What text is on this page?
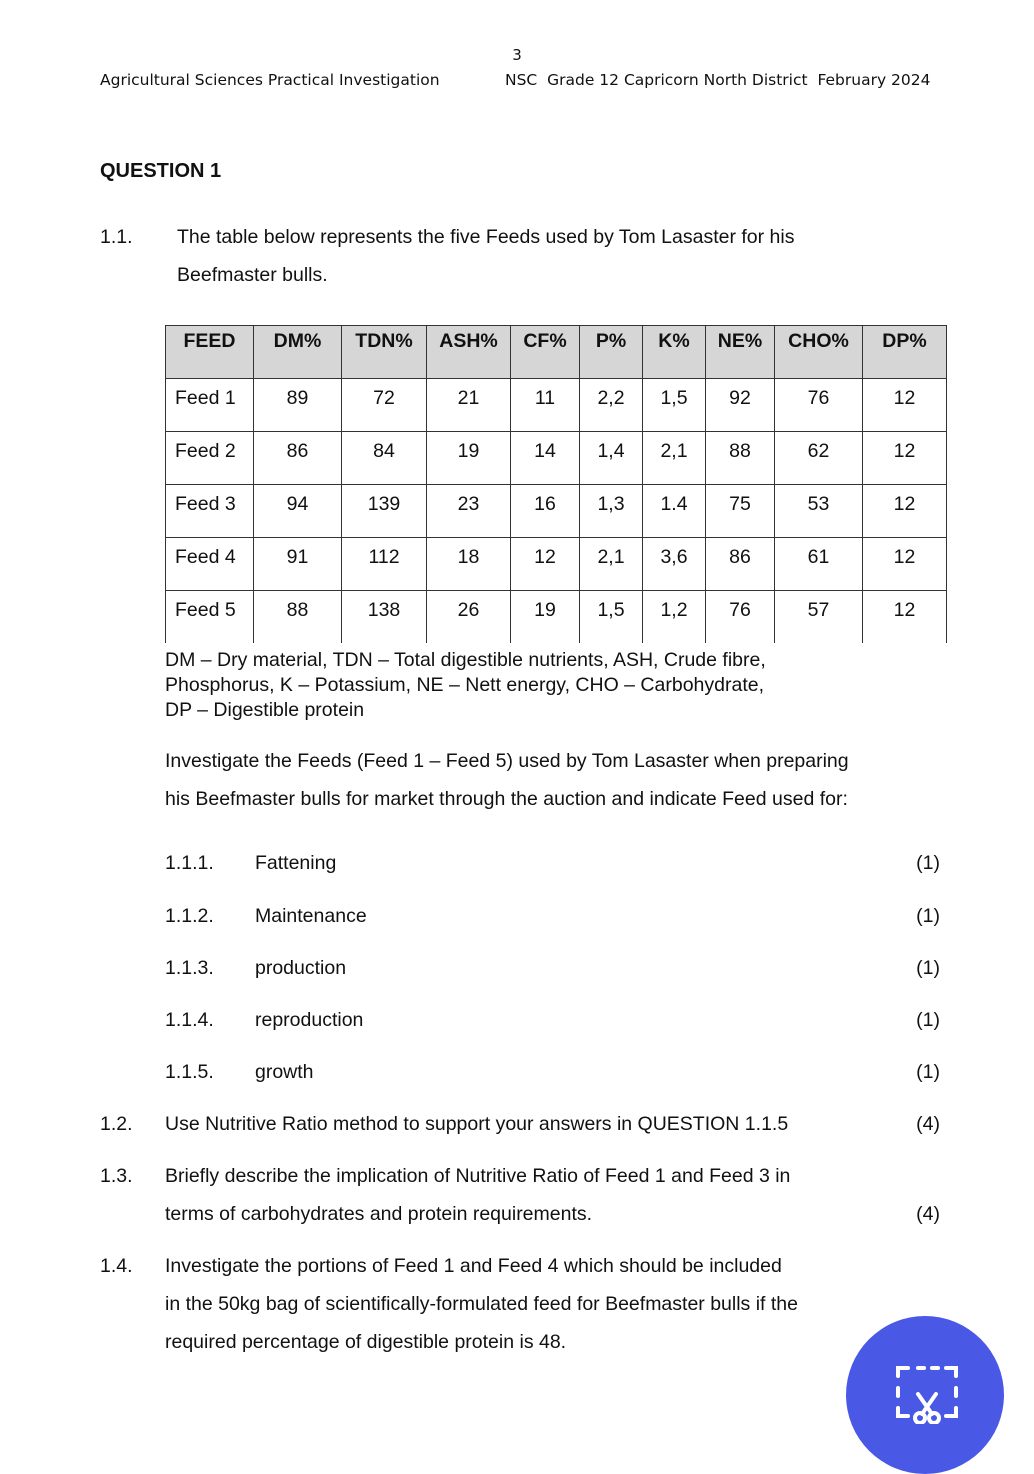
3
Agricultural Sciences Practical Investigation	NSC  Grade 12 Capricorn North District  February 2024
QUESTION 1
1.1. The table below represents the five Feeds used by Tom Lasaster for his
Beefmaster bulls.
FEED	DM%	TDN%	ASH%	CF%	P%	K%	NE%	CHO%	DP%
Feed 1	89	72	21	11	2,2	1,5	92	76	12
Feed 2	86	84	19	14	1,4	2,1	88	62	12
Feed 3	94	139	23	16	1,3	1.4	75	53	12
Feed 4	91	112	18	12	2,1	3,6	86	61	12
Feed 5	88	138	26	19	1,5	1,2	76	57	12
DM – Dry material, TDN – Total digestible nutrients, ASH, Crude fibre,
Phosphorus, K – Potassium, NE – Nett energy, CHO – Carbohydrate,
DP – Digestible protein
Investigate the Feeds (Feed 1 – Feed 5) used by Tom Lasaster when preparing
his Beefmaster bulls for market through the auction and indicate Feed used for:
1.1.1. Fattening	(1)
1.1.2. Maintenance	(1)
1.1.3. production	(1)
1.1.4. reproduction	(1)
1.1.5. growth	(1)
1.2. Use Nutritive Ratio method to support your answers in QUESTION 1.1.5	(4)
1.3. Briefly describe the implication of Nutritive Ratio of Feed 1 and Feed 3 in
terms of carbohydrates and protein requirements.	(4)
1.4. Investigate the portions of Feed 1 and Feed 4 which should be included
in the 50kg bag of scientifically-formulated feed for Beefmaster bulls if the
required percentage of digestible protein is 48.
